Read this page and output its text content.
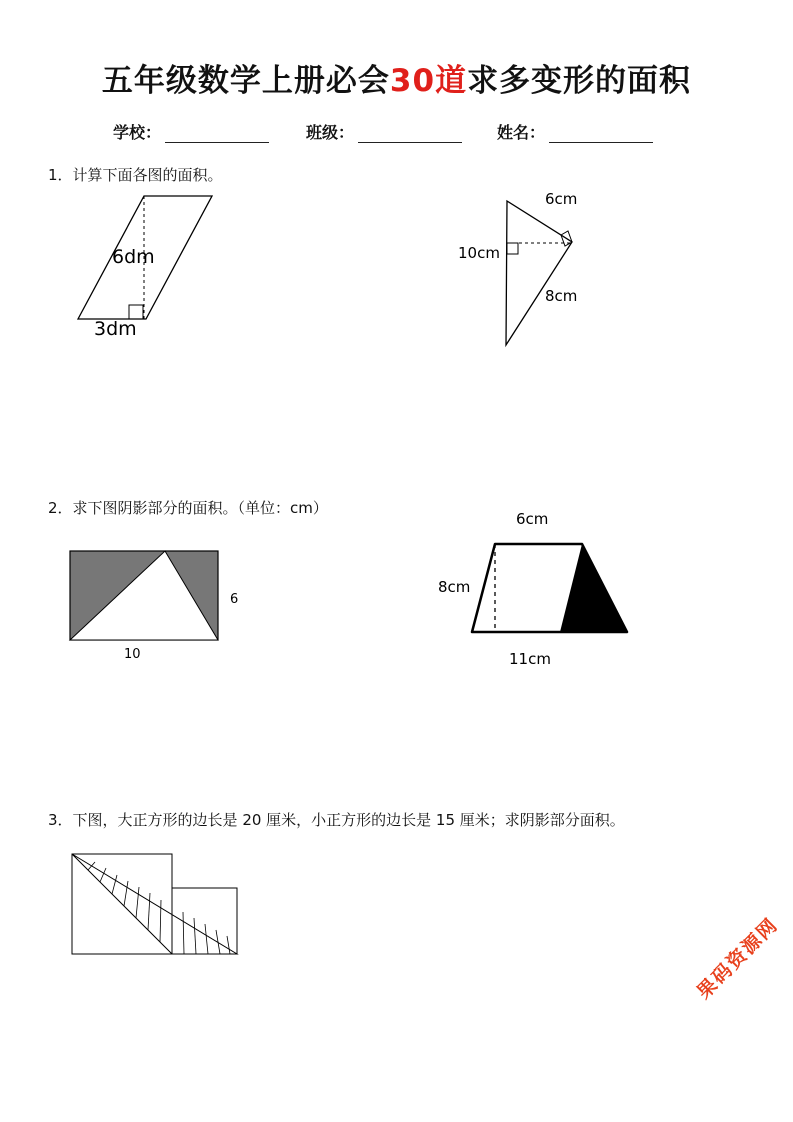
五年级数学上册必会30道求多变形的面积
学校：	班级：	姓名：
1．计算下面各图的面积。
6dm
3dm
6cm
10cm
8cm
2．求下图阴影部分的面积。（单位：cm）
10
6
6cm
8cm
11cm
3．下图，大正方形的边长是 20 厘米，小正方形的边长是 15 厘米；求阴影部分面积。
果码资源网
